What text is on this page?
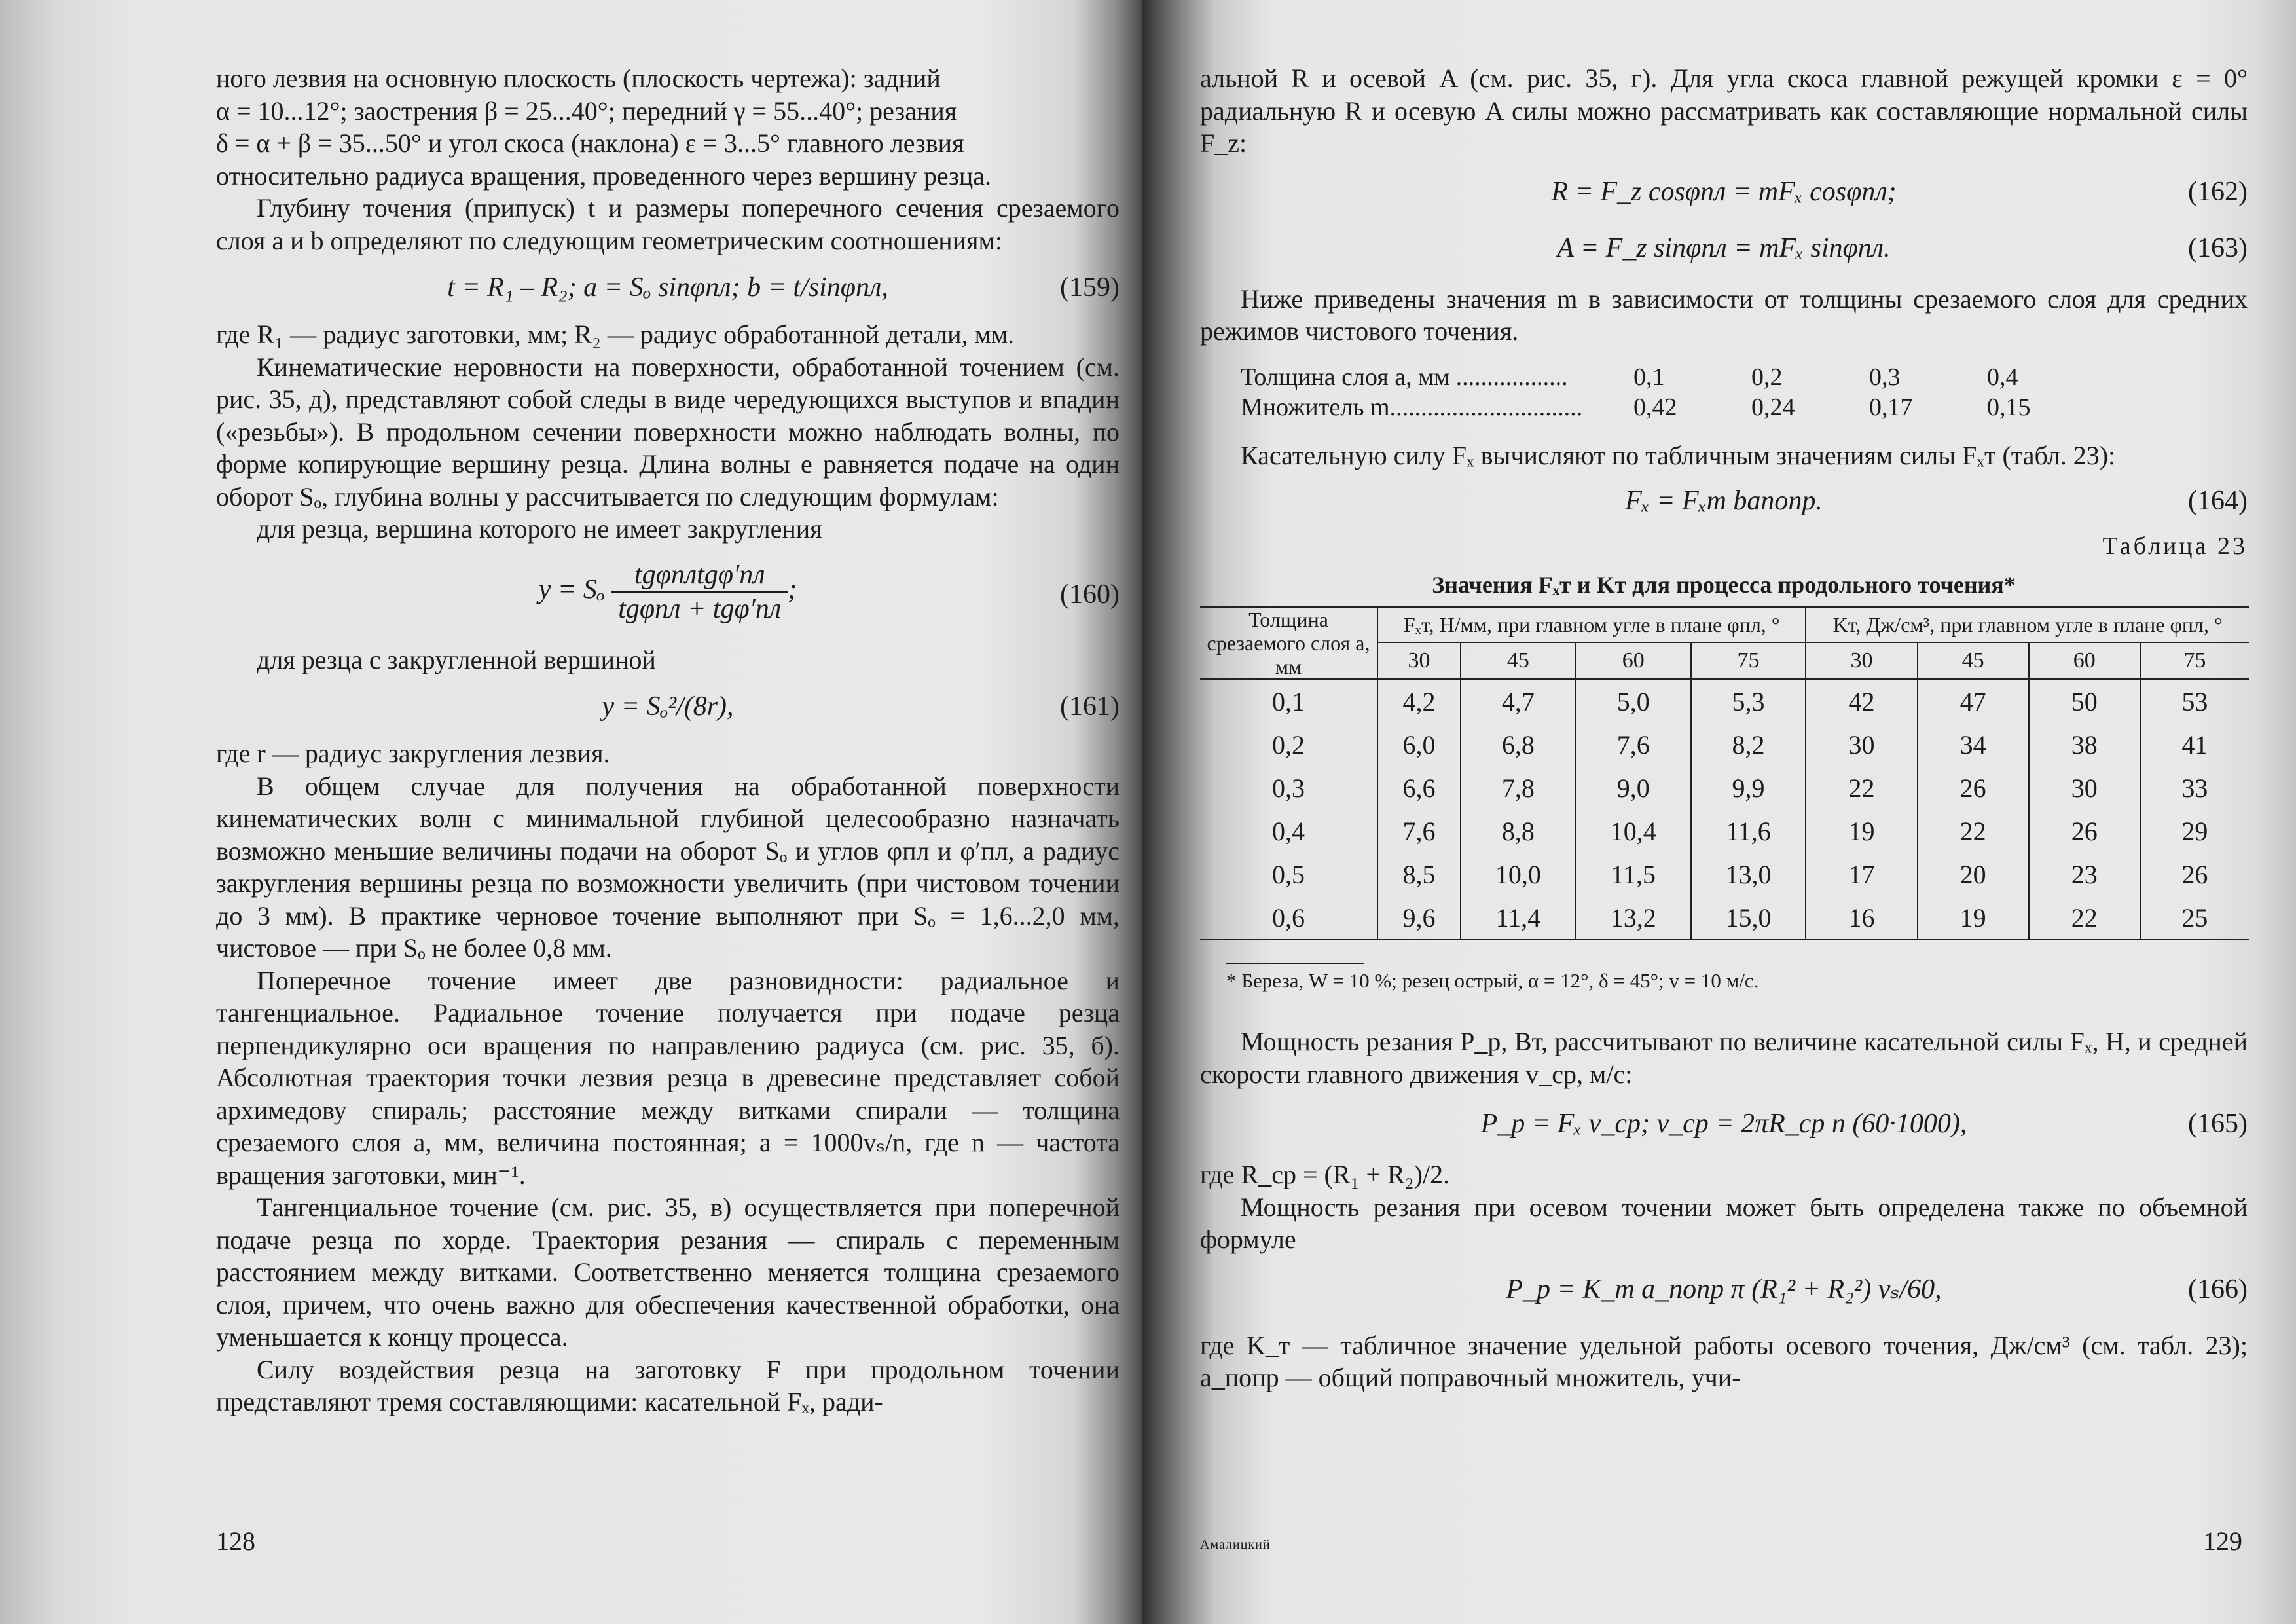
ного лезвия на основную плоскость (плоскость чертежа): задний

α = 10...12°; заострения β = 25...40°; передний γ = 55...40°; резания

δ = α + β = 35...50° и угол скоса (наклона) ε = 3...5° главного лезвия

относительно радиуса вращения, проведенного через вершину резца.

Глубину точения (припуск) t и размеры поперечного сечения срезаемого слоя a и b определяют по следующим геометрическим соотношениям:

t = R₁ – R₂; a = Sₒ sinφпл; b = t/sinφпл,	(159)

где R₁ — радиус заготовки, мм; R₂ — радиус обработанной детали, мм.

Кинематические неровности на поверхности, обработанной точением (см. рис. 35, д), представляют собой следы в виде чередующихся выступов и впадин («резьбы»). В продольном сечении поверхности можно наблюдать волны, по форме копирующие вершину резца. Длина волны e равняется подаче на один оборот Sₒ, глубина волны y рассчитывается по следующим формулам:

для резца, вершина которого не имеет закругления

y = Sₒ $\frac{\text{tgφплtgφ′пл}}{\text{tgφпл + tgφ′пл}}$ ;	(160)

для резца с закругленной вершиной

y = Sₒ²/(8r),	(161)

где r — радиус закругления лезвия.

В общем случае для получения на обработанной поверхности кинематических волн с минимальной глубиной целесообразно назначать возможно меньшие величины подачи на оборот Sₒ и углов φпл и φ′пл, а радиус закругления вершины резца по возможности увеличить (при чистовом точении до 3 мм). В практике черновое точение выполняют при Sₒ = 1,6...2,0 мм, чистовое — при Sₒ не более 0,8 мм.

Поперечное точение имеет две разновидности: радиальное и тангенциальное. Радиальное точение получается при подаче резца перпендикулярно оси вращения по направлению радиуса (см. рис. 35, б). Абсолютная траектория точки лезвия резца в древесине представляет собой архимедову спираль; расстояние между витками спирали — толщина срезаемого слоя a, мм, величина постоянная; a = 1000vₛ/n, где n — частота вращения заготовки, мин⁻¹.

Тангенциальное точение (см. рис. 35, в) осуществляется при поперечной подаче резца по хорде. Траектория резания — спираль с переменным расстоянием между витками. Соответственно меняется толщина срезаемого слоя, причем, что очень важно для обеспечения качественной обработки, она уменьшается к концу процесса.

Силу воздействия резца на заготовку F при продольном точении представляют тремя составляющими: касательной Fₓ, ради-

128

альной R и осевой A (см. рис. 35, г). Для угла скоса главной режущей кромки ε = 0° радиальную R и осевую A силы можно рассматривать как составляющие нормальной силы F_z:

R = F_z cosφпл = mFₓ cosφпл;	(162)
A = F_z sinφпл = mFₓ sinφпл.	(163)

Ниже приведены значения m в зависимости от толщины срезаемого слоя для средних режимов чистового точения.

Толщина слоя a, мм ..................	0,1	0,2	0,3	0,4
Множитель m...............................	0,42	0,24	0,17	0,15

Касательную силу Fₓ вычисляют по табличным значениям силы Fₓт (табл. 23):

Fₓ = Fₓт baпопр.	(164)
Таблица 23
Значения Fₓт и Kт для процесса продольного точения*
Толщина срезаемого слоя a, мм	Fₓт, Н/мм, при главном угле в плане φпл, °				Kт, Дж/см³, при главном угле в плане φпл, °			
	30	45	60	75	30	45	60	75
0,1	4,2	4,7	5,0	5,3	42	47	50	53
0,2	6,0	6,8	7,6	8,2	30	34	38	41
0,3	6,6	7,8	9,0	9,9	22	26	30	33
0,4	7,6	8,8	10,4	11,6	19	22	26	29
0,5	8,5	10,0	11,5	13,0	17	20	23	26
0,6	9,6	11,4	13,2	15,0	16	19	22	25
* Береза, W = 10 %; резец острый, α = 12°, δ = 45°; v = 10 м/с.

Мощность резания P_p, Вт, рассчитывают по величине касательной силы Fₓ, Н, и средней скорости главного движения v_ср, м/с:

P_p = Fₓ v_ср; v_ср = 2πR_ср n (60·1000),	(165)

где R_ср = (R₁ + R₂)/2.

Мощность резания при осевом точении может быть определена также по объемной формуле

P_p = K_т a_попр π (R₁² + R₂²) vₛ/60,	(166)

где K_т — табличное значение удельной работы осевого точения, Дж/см³ (см. табл. 23); a_попр — общий поправочный множитель, учи-

Амалицкий	129
